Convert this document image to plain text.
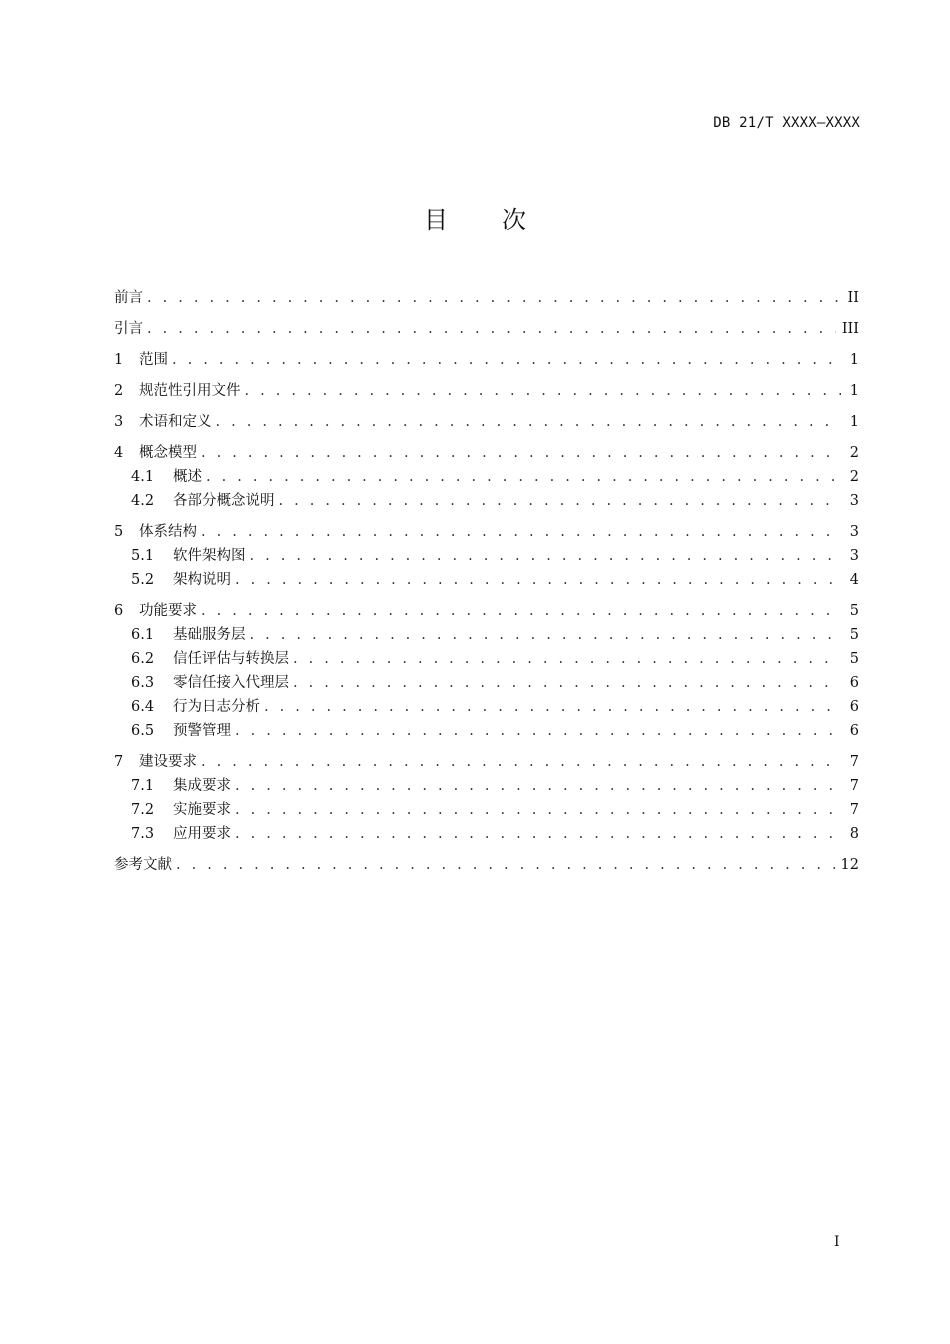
DB 21/T XXXX—XXXX
目次
前言 . . .	II
引言 . . .	III
1	范围 . . .	1
2	规范性引用文件 . . .	1
3	术语和定义 . . .	1
4	概念模型 . . .	2
4.1	概述 . . .	2
4.2	各部分概念说明 . . .	3
5	体系结构 . . .	3
5.1	软件架构图 . . .	3
5.2	架构说明 . . .	4
6	功能要求 . . .	5
6.1	基础服务层 . . .	5
6.2	信任评估与转换层 . . .	5
6.3	零信任接入代理层 . . .	6
6.4	行为日志分析 . . .	6
6.5	预警管理 . . .	6
7	建设要求 . . .	7
7.1	集成要求 . . .	7
7.2	实施要求 . . .	7
7.3	应用要求 . . .	8
参考文献 . . .	12
I
